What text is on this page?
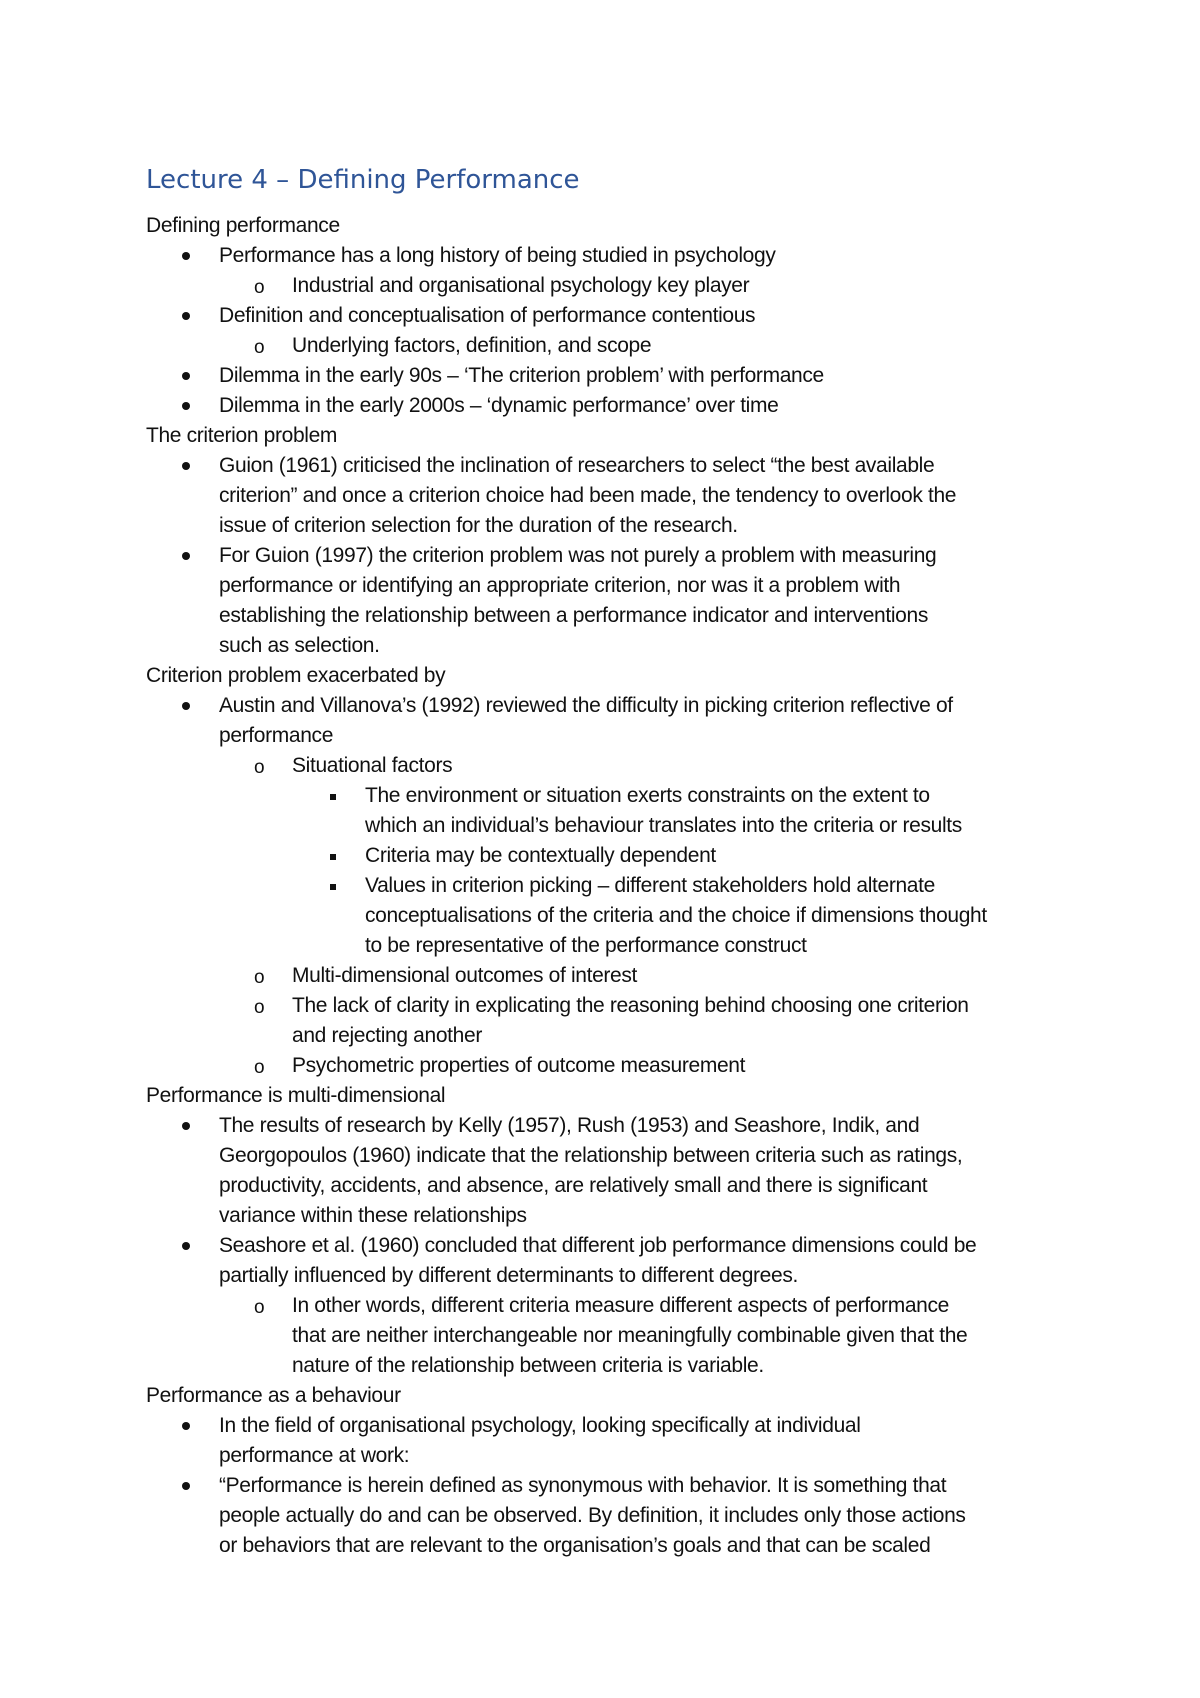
Lecture 4 – Defining Performance
Defining performance
Performance has a long history of being studied in psychology
o Industrial and organisational psychology key player
Definition and conceptualisation of performance contentious
o Underlying factors, definition, and scope
Dilemma in the early 90s – ‘The criterion problem’ with performance
Dilemma in the early 2000s – ‘dynamic performance’ over time
The criterion problem
Guion (1961) criticised the inclination of researchers to select “the best available
criterion” and once a criterion choice had been made, the tendency to overlook the
issue of criterion selection for the duration of the research.
For Guion (1997) the criterion problem was not purely a problem with measuring
performance or identifying an appropriate criterion, nor was it a problem with
establishing the relationship between a performance indicator and interventions
such as selection.
Criterion problem exacerbated by
Austin and Villanova’s (1992) reviewed the difficulty in picking criterion reflective of
performance
o Situational factors
The environment or situation exerts constraints on the extent to
which an individual’s behaviour translates into the criteria or results
Criteria may be contextually dependent
Values in criterion picking – different stakeholders hold alternate
conceptualisations of the criteria and the choice if dimensions thought
to be representative of the performance construct
o Multi-dimensional outcomes of interest
o The lack of clarity in explicating the reasoning behind choosing one criterion
and rejecting another
o Psychometric properties of outcome measurement
Performance is multi-dimensional
The results of research by Kelly (1957), Rush (1953) and Seashore, Indik, and
Georgopoulos (1960) indicate that the relationship between criteria such as ratings,
productivity, accidents, and absence, are relatively small and there is significant
variance within these relationships
Seashore et al. (1960) concluded that different job performance dimensions could be
partially influenced by different determinants to different degrees.
o In other words, different criteria measure different aspects of performance
that are neither interchangeable nor meaningfully combinable given that the
nature of the relationship between criteria is variable.
Performance as a behaviour
In the field of organisational psychology, looking specifically at individual
performance at work:
“Performance is herein defined as synonymous with behavior. It is something that
people actually do and can be observed. By definition, it includes only those actions
or behaviors that are relevant to the organisation’s goals and that can be scaled
